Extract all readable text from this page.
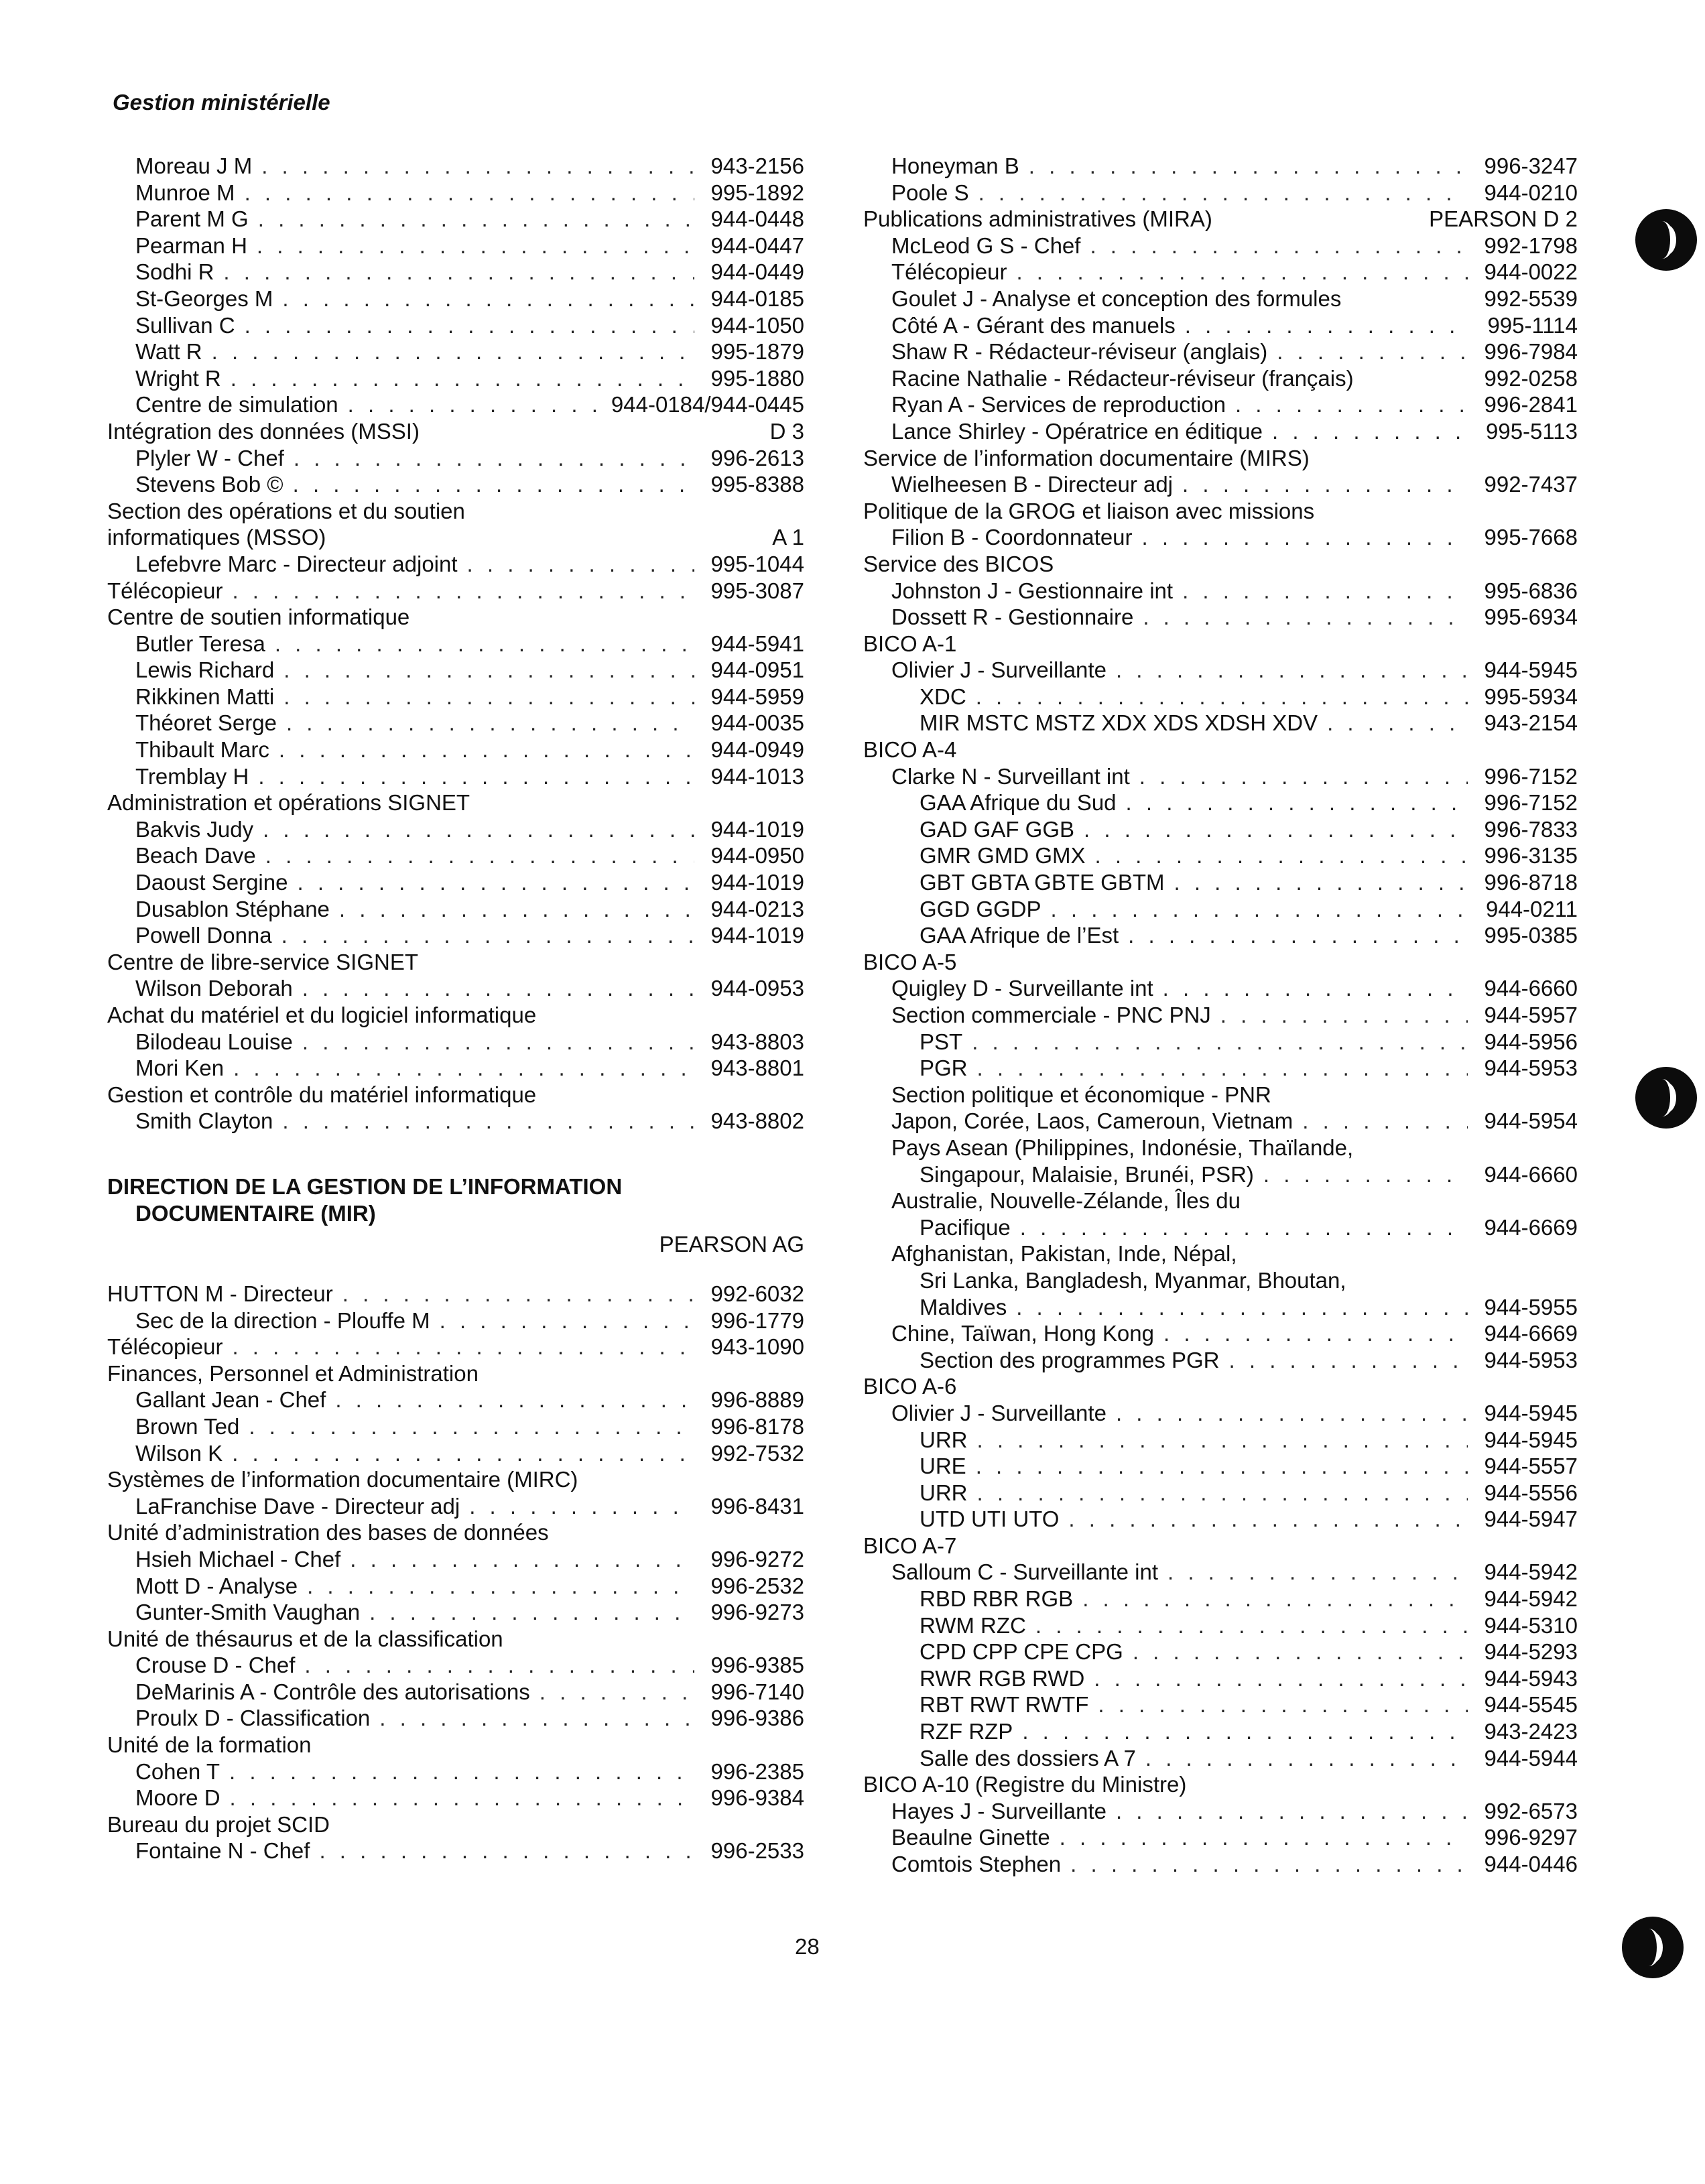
Gestion ministérielle
Moreau J M . . .	943-2156
Munroe M . . .	995-1892
Parent M G . . .	944-0448
Pearman H . . .	944-0447
Sodhi R . . .	944-0449
St-Georges M . . .	944-0185
Sullivan C . . .	944-1050
Watt R . . .	995-1879
Wright R . . .	995-1880
Centre de simulation . . .	944-0184/944-0445
Intégration des données (MSSI)	D 3
Plyler W - Chef . . .	996-2613
Stevens Bob © . . .	995-8388
Section des opérations et du soutien
informatiques (MSSO)	A 1
Lefebvre Marc - Directeur adjoint . . .	995-1044
Télécopieur . . .	995-3087
Centre de soutien informatique
Butler Teresa . . .	944-5941
Lewis Richard . . .	944-0951
Rikkinen Matti . . .	944-5959
Théoret Serge . . .	944-0035
Thibault Marc . . .	944-0949
Tremblay H . . .	944-1013
Administration et opérations SIGNET
Bakvis Judy . . .	944-1019
Beach Dave . . .	944-0950
Daoust Sergine . . .	944-1019
Dusablon Stéphane . . .	944-0213
Powell Donna . . .	944-1019
Centre de libre-service SIGNET
Wilson Deborah . . .	944-0953
Achat du matériel et du logiciel informatique
Bilodeau Louise . . .	943-8803
Mori Ken . . .	943-8801
Gestion et contrôle du matériel informatique
Smith Clayton . . .	943-8802
DIRECTION DE LA GESTION DE L’INFORMATION
DOCUMENTAIRE (MIR)
PEARSON AG
HUTTON M - Directeur . . .	992-6032
Sec de la direction - Plouffe M . . .	996-1779
Télécopieur . . .	943-1090
Finances, Personnel et Administration
Gallant Jean - Chef . . .	996-8889
Brown Ted . . .	996-8178
Wilson K . . .	992-7532
Systèmes de l’information documentaire (MIRC)
LaFranchise Dave - Directeur adj . . .	996-8431
Unité d’administration des bases de données
Hsieh Michael - Chef . . .	996-9272
Mott D - Analyse . . .	996-2532
Gunter-Smith Vaughan . . .	996-9273
Unité de thésaurus et de la classification
Crouse D - Chef . . .	996-9385
DeMarinis A - Contrôle des autorisations . . .	996-7140
Proulx D - Classification . . .	996-9386
Unité de la formation
Cohen T . . .	996-2385
Moore D . . .	996-9384
Bureau du projet SCID
Fontaine N - Chef . . .	996-2533
Honeyman B . . .	996-3247
Poole S . . .	944-0210
Publications administratives (MIRA)	PEARSON D 2
McLeod G S - Chef . . .	992-1798
Télécopieur . . .	944-0022
Goulet J - Analyse et conception des formules	992-5539
Côté A - Gérant des manuels . . .	995-1114
Shaw R - Rédacteur-réviseur (anglais) . . .	996-7984
Racine Nathalie - Rédacteur-réviseur (français)	992-0258
Ryan A - Services de reproduction . . .	996-2841
Lance Shirley - Opératrice en éditique . . .	995-5113
Service de l’information documentaire (MIRS)
Wielheesen B - Directeur adj . . .	992-7437
Politique de la GROG et liaison avec missions
Filion B - Coordonnateur . . .	995-7668
Service des BICOS
Johnston J - Gestionnaire int . . .	995-6836
Dossett R - Gestionnaire . . .	995-6934
BICO A-1
Olivier J - Surveillante . . .	944-5945
XDC . . .	995-5934
MIR MSTC MSTZ XDX XDS XDSH XDV . . .	943-2154
BICO A-4
Clarke N - Surveillant int . . .	996-7152
GAA Afrique du Sud . . .	996-7152
GAD GAF GGB . . .	996-7833
GMR GMD GMX . . .	996-3135
GBT GBTA GBTE GBTM . . .	996-8718
GGD GGDP . . .	944-0211
GAA Afrique de l’Est . . .	995-0385
BICO A-5
Quigley D - Surveillante int . . .	944-6660
Section commerciale - PNC PNJ . . .	944-5957
PST . . .	944-5956
PGR . . .	944-5953
Section politique et économique - PNR
Japon, Corée, Laos, Cameroun, Vietnam . . .	944-5954
Pays Asean (Philippines, Indonésie, Thaïlande,
Singapour, Malaisie, Brunéi, PSR) . . .	944-6660
Australie, Nouvelle-Zélande, Îles du
Pacifique . . .	944-6669
Afghanistan, Pakistan, Inde, Népal,
Sri Lanka, Bangladesh, Myanmar, Bhoutan,
Maldives . . .	944-5955
Chine, Taïwan, Hong Kong . . .	944-6669
Section des programmes PGR . . .	944-5953
BICO A-6
Olivier J - Surveillante . . .	944-5945
URR . . .	944-5945
URE . . .	944-5557
URR . . .	944-5556
UTD UTI UTO . . .	944-5947
BICO A-7
Salloum C - Surveillante int . . .	944-5942
RBD RBR RGB . . .	944-5942
RWM RZC . . .	944-5310
CPD CPP CPE CPG . . .	944-5293
RWR RGB RWD . . .	944-5943
RBT RWT RWTF . . .	944-5545
RZF RZP . . .	943-2423
Salle des dossiers A 7 . . .	944-5944
BICO A-10 (Registre du Ministre)
Hayes J - Surveillante . . .	992-6573
Beaulne Ginette . . .	996-9297
Comtois Stephen . . .	944-0446
28
